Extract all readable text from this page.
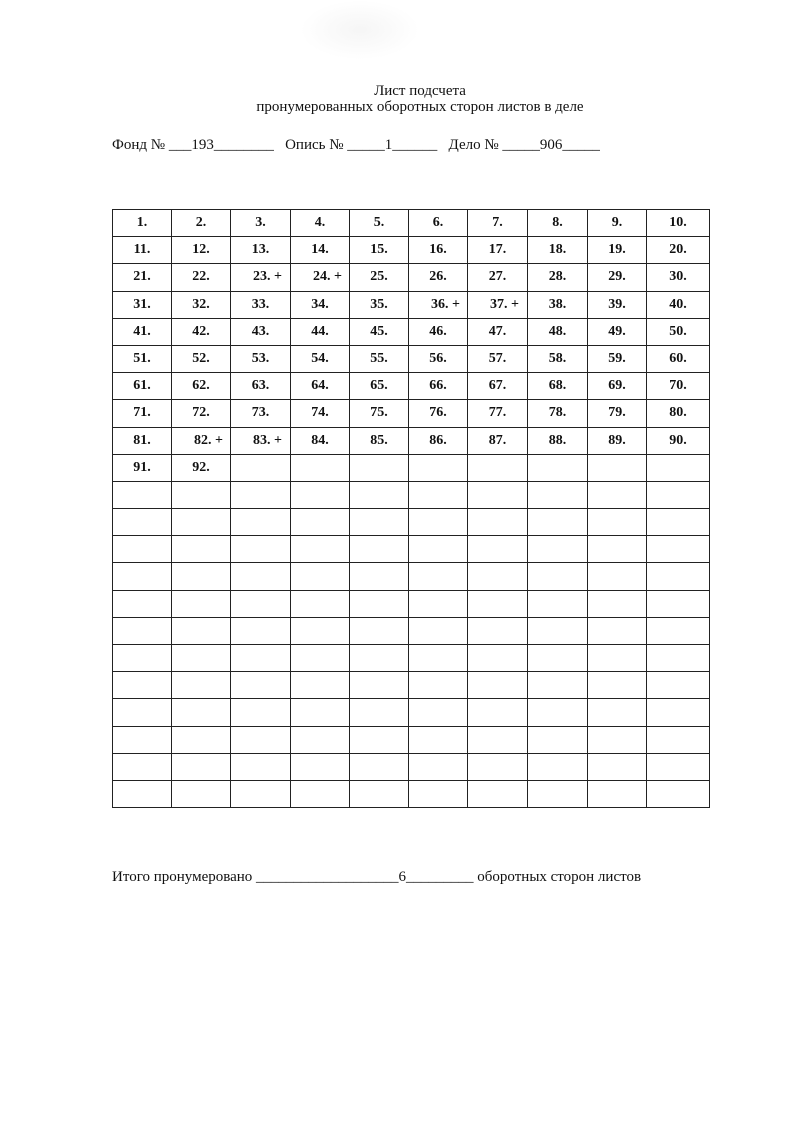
Лист подсчета
пронумерованных оборотных сторон листов в деле
Фонд № ___193________   Опись № _____1______   Дело № _____906_____
1.	2.	3.	4.	5.	6.	7.	8.	9.	10.
11.	12.	13.	14.	15.	16.	17.	18.	19.	20.
21.	22.	23. +	24. +	25.	26.	27.	28.	29.	30.
31.	32.	33.	34.	35.	36. +	37. +	38.	39.	40.
41.	42.	43.	44.	45.	46.	47.	48.	49.	50.
51.	52.	53.	54.	55.	56.	57.	58.	59.	60.
61.	62.	63.	64.	65.	66.	67.	68.	69.	70.
71.	72.	73.	74.	75.	76.	77.	78.	79.	80.
81.	82. +	83. +	84.	85.	86.	87.	88.	89.	90.
91.	92.								

Итого пронумеровано ___________________6_________ оборотных сторон листов
